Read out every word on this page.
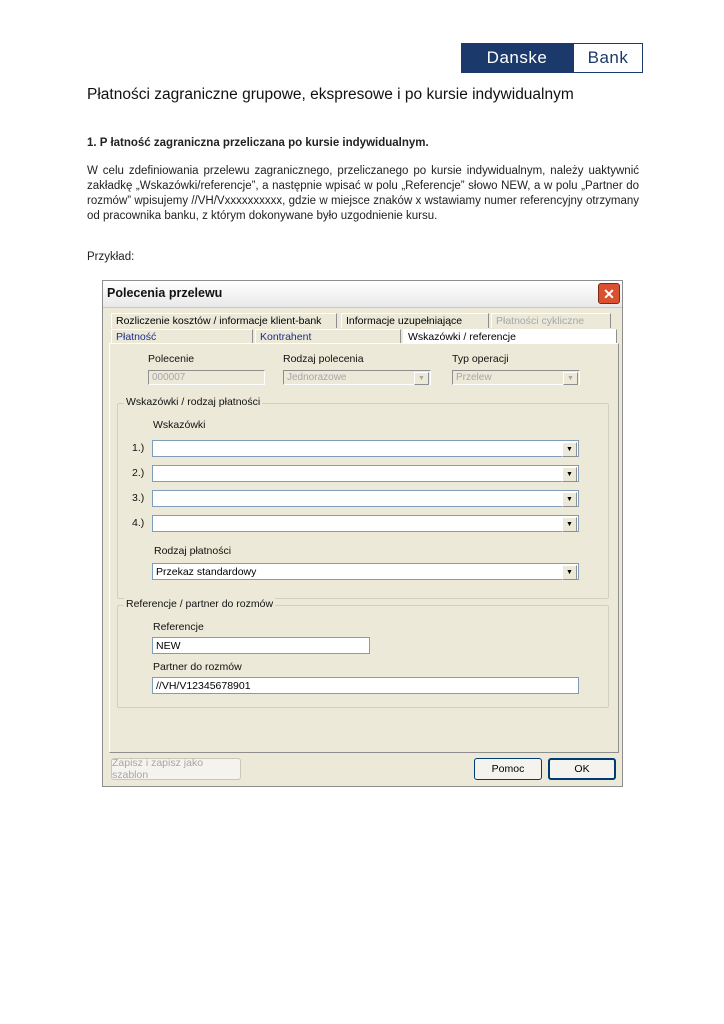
Danske	Bank
Płatności zagraniczne grupowe, ekspresowe i po kursie indywidualnym
1. P łatność zagraniczna przeliczana po kursie indywidualnym.
W celu zdefiniowania przelewu zagranicznego, przeliczanego po kursie indywidualnym, należy uaktywnić zakładkę „Wskazówki/referencje”, a następnie wpisać w polu „Referencje” słowo NEW, a w polu „Partner do rozmów” wpisujemy //VH/Vxxxxxxxxxx, gdzie w miejsce znaków x wstawiamy numer referencyjny otrzymany od pracownika banku, z którym dokonywane było uzgodnienie kursu.
Przykład:
Polecenia przelewu	✕
Rozliczenie kosztów / informacje klient-bank	Informacje uzupełniające	Płatności cykliczne
Płatność	Kontrahent	Wskazówki / referencje
Polecenie
000007
Rodzaj polecenia
Jednorazowe	▼
Typ operacji
Przelew	▼
Wskazówki / rodzaj płatności
Wskazówki
1.)	▼
2.)	▼
3.)	▼
4.)	▼
Rodzaj płatności
Przekaz standardowy	▼
Referencje / partner do rozmów
Referencje
NEW
Partner do rozmów
//VH/V12345678901
Zapisz i zapisz jako szablon	Pomoc	OK
